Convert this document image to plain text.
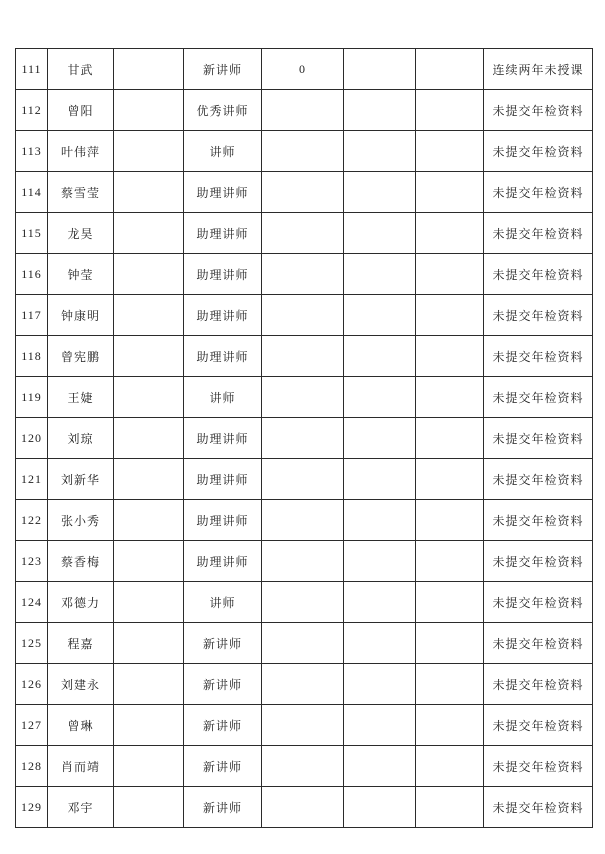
111	甘武		新讲师	0			连续两年未授课
112	曾阳		优秀讲师				未提交年检资料
113	叶伟萍		讲师				未提交年检资料
114	蔡雪莹		助理讲师				未提交年检资料
115	龙昊		助理讲师				未提交年检资料
116	钟莹		助理讲师				未提交年检资料
117	钟康明		助理讲师				未提交年检资料
118	曾宪鹏		助理讲师				未提交年检资料
119	王婕		讲师				未提交年检资料
120	刘琼		助理讲师				未提交年检资料
121	刘新华		助理讲师				未提交年检资料
122	张小秀		助理讲师				未提交年检资料
123	蔡香梅		助理讲师				未提交年检资料
124	邓德力		讲师				未提交年检资料
125	程嘉		新讲师				未提交年检资料
126	刘建永		新讲师				未提交年检资料
127	曾琳		新讲师				未提交年检资料
128	肖而靖		新讲师				未提交年检资料
129	邓宇		新讲师				未提交年检资料
